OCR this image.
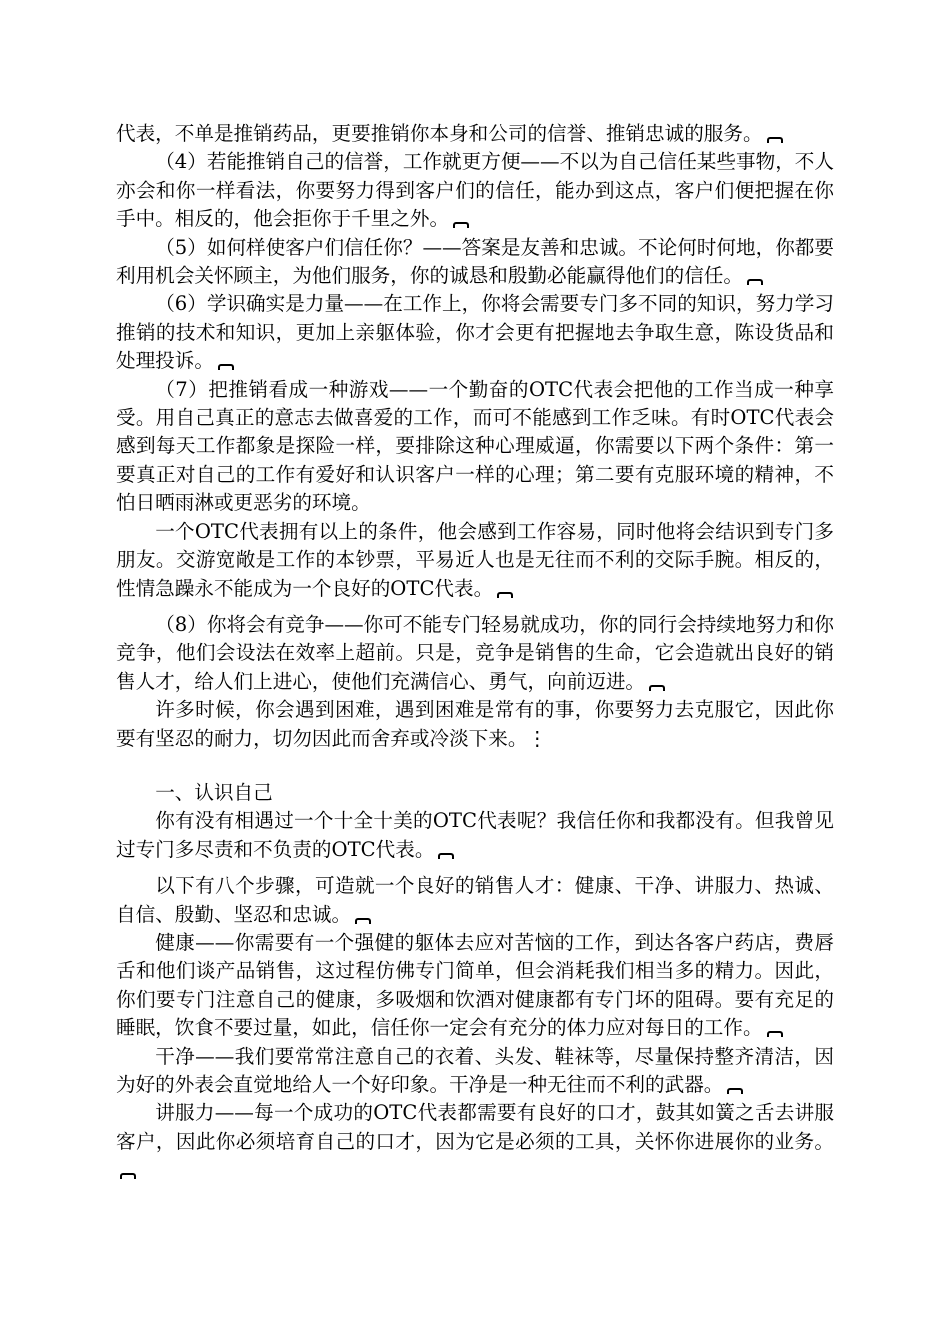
代表，不单是推销药品，更要推销你本身和公司的信誉、推销忠诚的服务。

（4）若能推销自己的信誉，工作就更方便——不以为自己信任某些事物，不人亦会和你一样看法，你要努力得到客户们的信任，能办到这点，客户们便把握在你手中。相反的，他会拒你于千里之外。

（5）如何样使客户们信任你？——答案是友善和忠诚。不论何时何地，你都要利用机会关怀顾主，为他们服务，你的诚恳和殷勤必能赢得他们的信任。

（6）学识确实是力量——在工作上，你将会需要专门多不同的知识，努力学习推销的技术和知识，更加上亲躯体验，你才会更有把握地去争取生意，陈设货品和处理投诉。

（7）把推销看成一种游戏——一个勤奋的OTC代表会把他的工作当成一种享受。用自己真正的意志去做喜爱的工作，而可不能感到工作乏味。有时OTC代表会感到每天工作都象是探险一样，要排除这种心理威逼，你需要以下两个条件：第一要真正对自己的工作有爱好和认识客户一样的心理；第二要有克服环境的精神，不怕日晒雨淋或更恶劣的环境。

一个OTC代表拥有以上的条件，他会感到工作容易，同时他将会结识到专门多朋友。交游宽敞是工作的本钞票，平易近人也是无往而不利的交际手腕。相反的，性情急躁永不能成为一个良好的OTC代表。

（8）你将会有竞争——你可不能专门轻易就成功，你的同行会持续地努力和你竞争，他们会设法在效率上超前。只是，竞争是销售的生命，它会造就出良好的销售人才，给人们上进心，使他们充满信心、勇气，向前迈进。

许多时候，你会遇到困难，遇到困难是常有的事，你要努力去克服它，因此你要有坚忍的耐力，切勿因此而舍弃或冷淡下来。⋮

一、认识自己

你有没有相遇过一个十全十美的OTC代表呢？我信任你和我都没有。但我曾见过专门多尽责和不负责的OTC代表。

以下有八个步骤，可造就一个良好的销售人才：健康、干净、讲服力、热诚、自信、殷勤、坚忍和忠诚。

健康——你需要有一个强健的躯体去应对苦恼的工作，到达各客户药店，费唇舌和他们谈产品销售，这过程仿佛专门简单，但会消耗我们相当多的精力。因此，你们要专门注意自己的健康，多吸烟和饮酒对健康都有专门坏的阻碍。要有充足的睡眠，饮食不要过量，如此，信任你一定会有充分的体力应对每日的工作。

干净——我们要常常注意自己的衣着、头发、鞋袜等，尽量保持整齐清洁，因为好的外表会直觉地给人一个好印象。干净是一种无往而不利的武器。

讲服力——每一个成功的OTC代表都需要有良好的口才，鼓其如簧之舌去讲服客户，因此你必须培育自己的口才，因为它是必须的工具，关怀你进展你的业务。
